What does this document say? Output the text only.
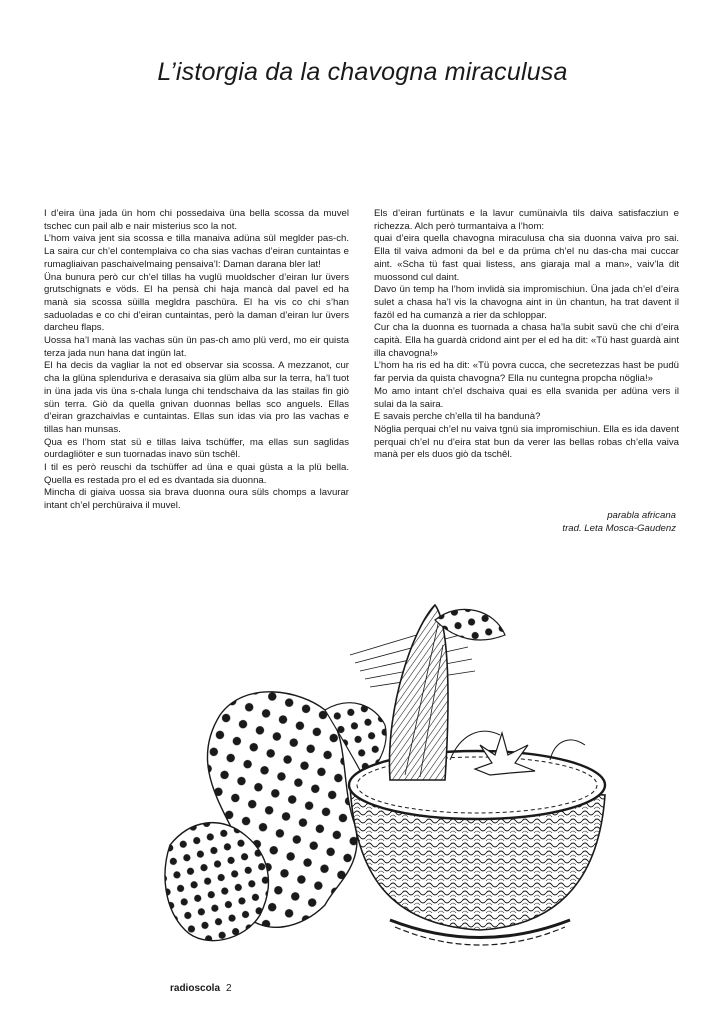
L’istorgia da la chavogna miraculusa

I d’eira üna jada ün hom chi possedaiva üna bella scossa da muvel tschec cun pail alb e nair misterius sco la not.

L’hom vaiva jent sia scossa e tilla manaiva adüna sül meglder pas-ch. La saira cur ch’el contemplaiva co cha sias vachas d’eiran cuntaintas e rumagliaivan paschaivelmaing pensaiva’l: Daman darana bler lat!

Üna bunura però cur ch’el tillas ha vuglü muoldscher d’eiran lur üvers grutschignats e vöds. El ha pensà chi haja mancà dal pavel ed ha manà sia scossa süilla megldra paschüra. El ha vis co chi s’han saduoladas e co chi d’eiran cuntaintas, però la daman d’eiran lur üvers darcheu flaps.

Uossa ha’l manà las vachas sün ün pas-ch amo plü verd, mo eir quista terza jada nun hana dat ingün lat.

El ha decis da vagliar la not ed observar sia scossa. A mezzanot, cur cha la glüna splenduriva e derasaiva sia glüm alba sur la terra, ha’l tuot in üna jada vis üna s-chala lunga chi tendschaiva da las stailas fin giò sün terra. Giò da quella gnivan duonnas bellas sco anguels. Ellas d’eiran grazchaivlas e cuntaintas. Ellas sun idas via pro las vachas e tillas han munsas.

Qua es l’hom stat sü e tillas laiva tschüffer, ma ellas sun saglidas ourdagliöter e sun tuornadas inavo sün tschêl.

I til es però reuschi da tschüffer ad üna e quai güsta a la plü bella. Quella es restada pro el ed es dvantada sia duonna.

Mincha di giaiva uossa sia brava duonna oura süls chomps a lavurar intant ch’el perchüraiva il muvel.

Els d’eiran furtünats e la lavur cumünaivla tils daiva satisfacziun e richezza. Alch però turmantaiva a l’hom:

quai d’eira quella chavogna miraculusa cha sia duonna vaiva pro sai. Ella til vaiva admoni da bel e da prüma ch’el nu das-cha mai cuccar aint. «Scha tü fast quai listess, ans giaraja mal a man», vaiv’la dit muossond cul daint.

Davo ün temp ha l’hom invlidà sia impromischiun. Üna jada ch’el d’eira sulet a chasa ha’l vis la chavogna aint in ün chantun, ha trat davent il fazöl ed ha cumanzà a rier da schloppar.

Cur cha la duonna es tuornada a chasa ha’la subit savü che chi d’eira capità. Ella ha guardà cridond aint per el ed ha dit: «Tü hast guardà aint illa chavogna!»

L’hom ha ris ed ha dit: «Tü povra cucca, che secretezzas hast be pudü far pervia da quista chavogna? Ella nu cuntegna propcha nöglia!»

Mo amo intant ch’el dschaiva quai es ella svanida per adüna vers il sulai da la saira.

E savais perche ch’ella til ha bandunà?

Nöglia perquai ch’el nu vaiva tgnü sia impromischiun. Ella es ida davent perquai ch’el nu d’eira stat bun da verer las bellas robas ch’ella vaiva manà per els duos giò da tschêl.

parabla africana
trad. Leta Mosca-Gaudenz
radioscola 2
